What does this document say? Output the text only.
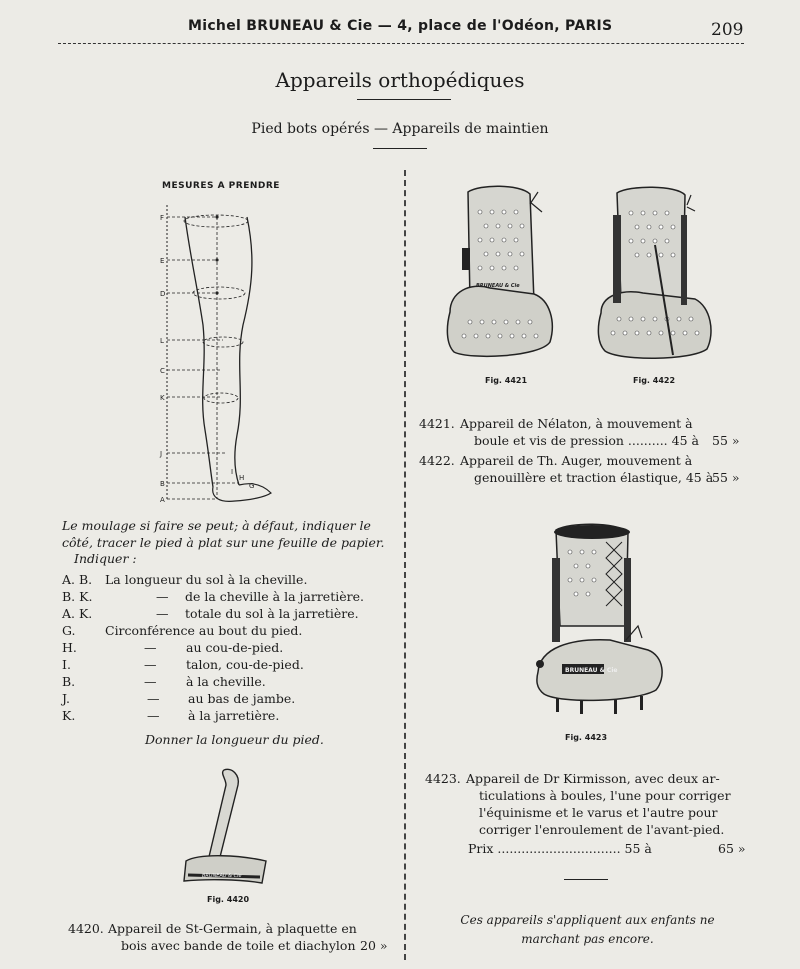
Michel BRUNEAU & Cie — 4, place de l'Odéon, PARIS	209
Appareils orthopédiques
Pied bots opérés — Appareils de maintien
MESURES A PRENDRE
F
E
D
L
C
K
J
B
A
I
H
G
Le moulage si faire se peut; à défaut, indiquer le côté, tracer le pied à plat sur une feuille de papier.
Indiquer :
A. B. La longueur du sol à la cheville.
B. K.	— de la cheville à la jarretière.
A. K.	— totale du sol à la jarretière.
G. Circonférence au bout du pied.
H.	— au cou-de-pied.
I.	— talon, cou-de-pied.
B.	— à la cheville.
J.	— au bas de jambe.
K.	— à la jarretière.
Donner la longueur du pied.
BRUNEAU & Cie
Fig. 4420
4420. Appareil de St-Germain, à plaquette en
bois avec bande de toile et diachylon 20 »
BRUNEAU & Cie
Fig. 4421	Fig. 4422
4421. Appareil de Nélaton, à mouvement à
boule et vis de pression .......... 45 à 55 »
4422. Appareil de Th. Auger, mouvement à
genouillère et traction élastique, 45 à
55 »
BRUNEAU & Cie
Fig. 4423
4423. Appareil de Dr Kirmisson, avec deux ar-
ticulations à boules, l'une pour corriger
l'équinisme et le varus et l'autre pour
corriger l'enroulement de l'avant-pied.
Prix ............................... 55 à	65 »
Ces appareils s'appliquent aux enfants ne marchant pas encore.
